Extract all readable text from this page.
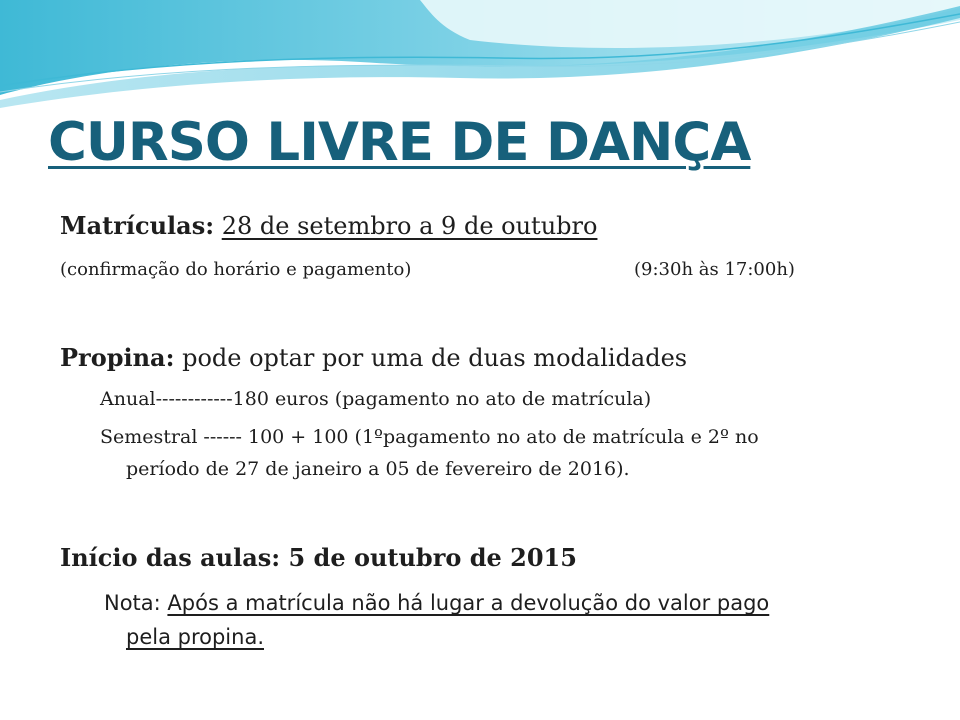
CURSO LIVRE DE DANÇA
Matrículas: 28 de setembro a 9 de outubro
(confirmação do horário e pagamento)	(9:30h às 17:00h)
Propina: pode optar por uma de duas modalidades
Anual------------180 euros (pagamento no ato de matrícula)
Semestral ------ 100 + 100 (1ºpagamento no ato de matrícula e 2º no
período de 27 de janeiro a 05 de fevereiro de 2016).
Início das aulas: 5 de outubro de 2015
Nota: Após a matrícula não há lugar a devolução do valor pago
pela propina.
